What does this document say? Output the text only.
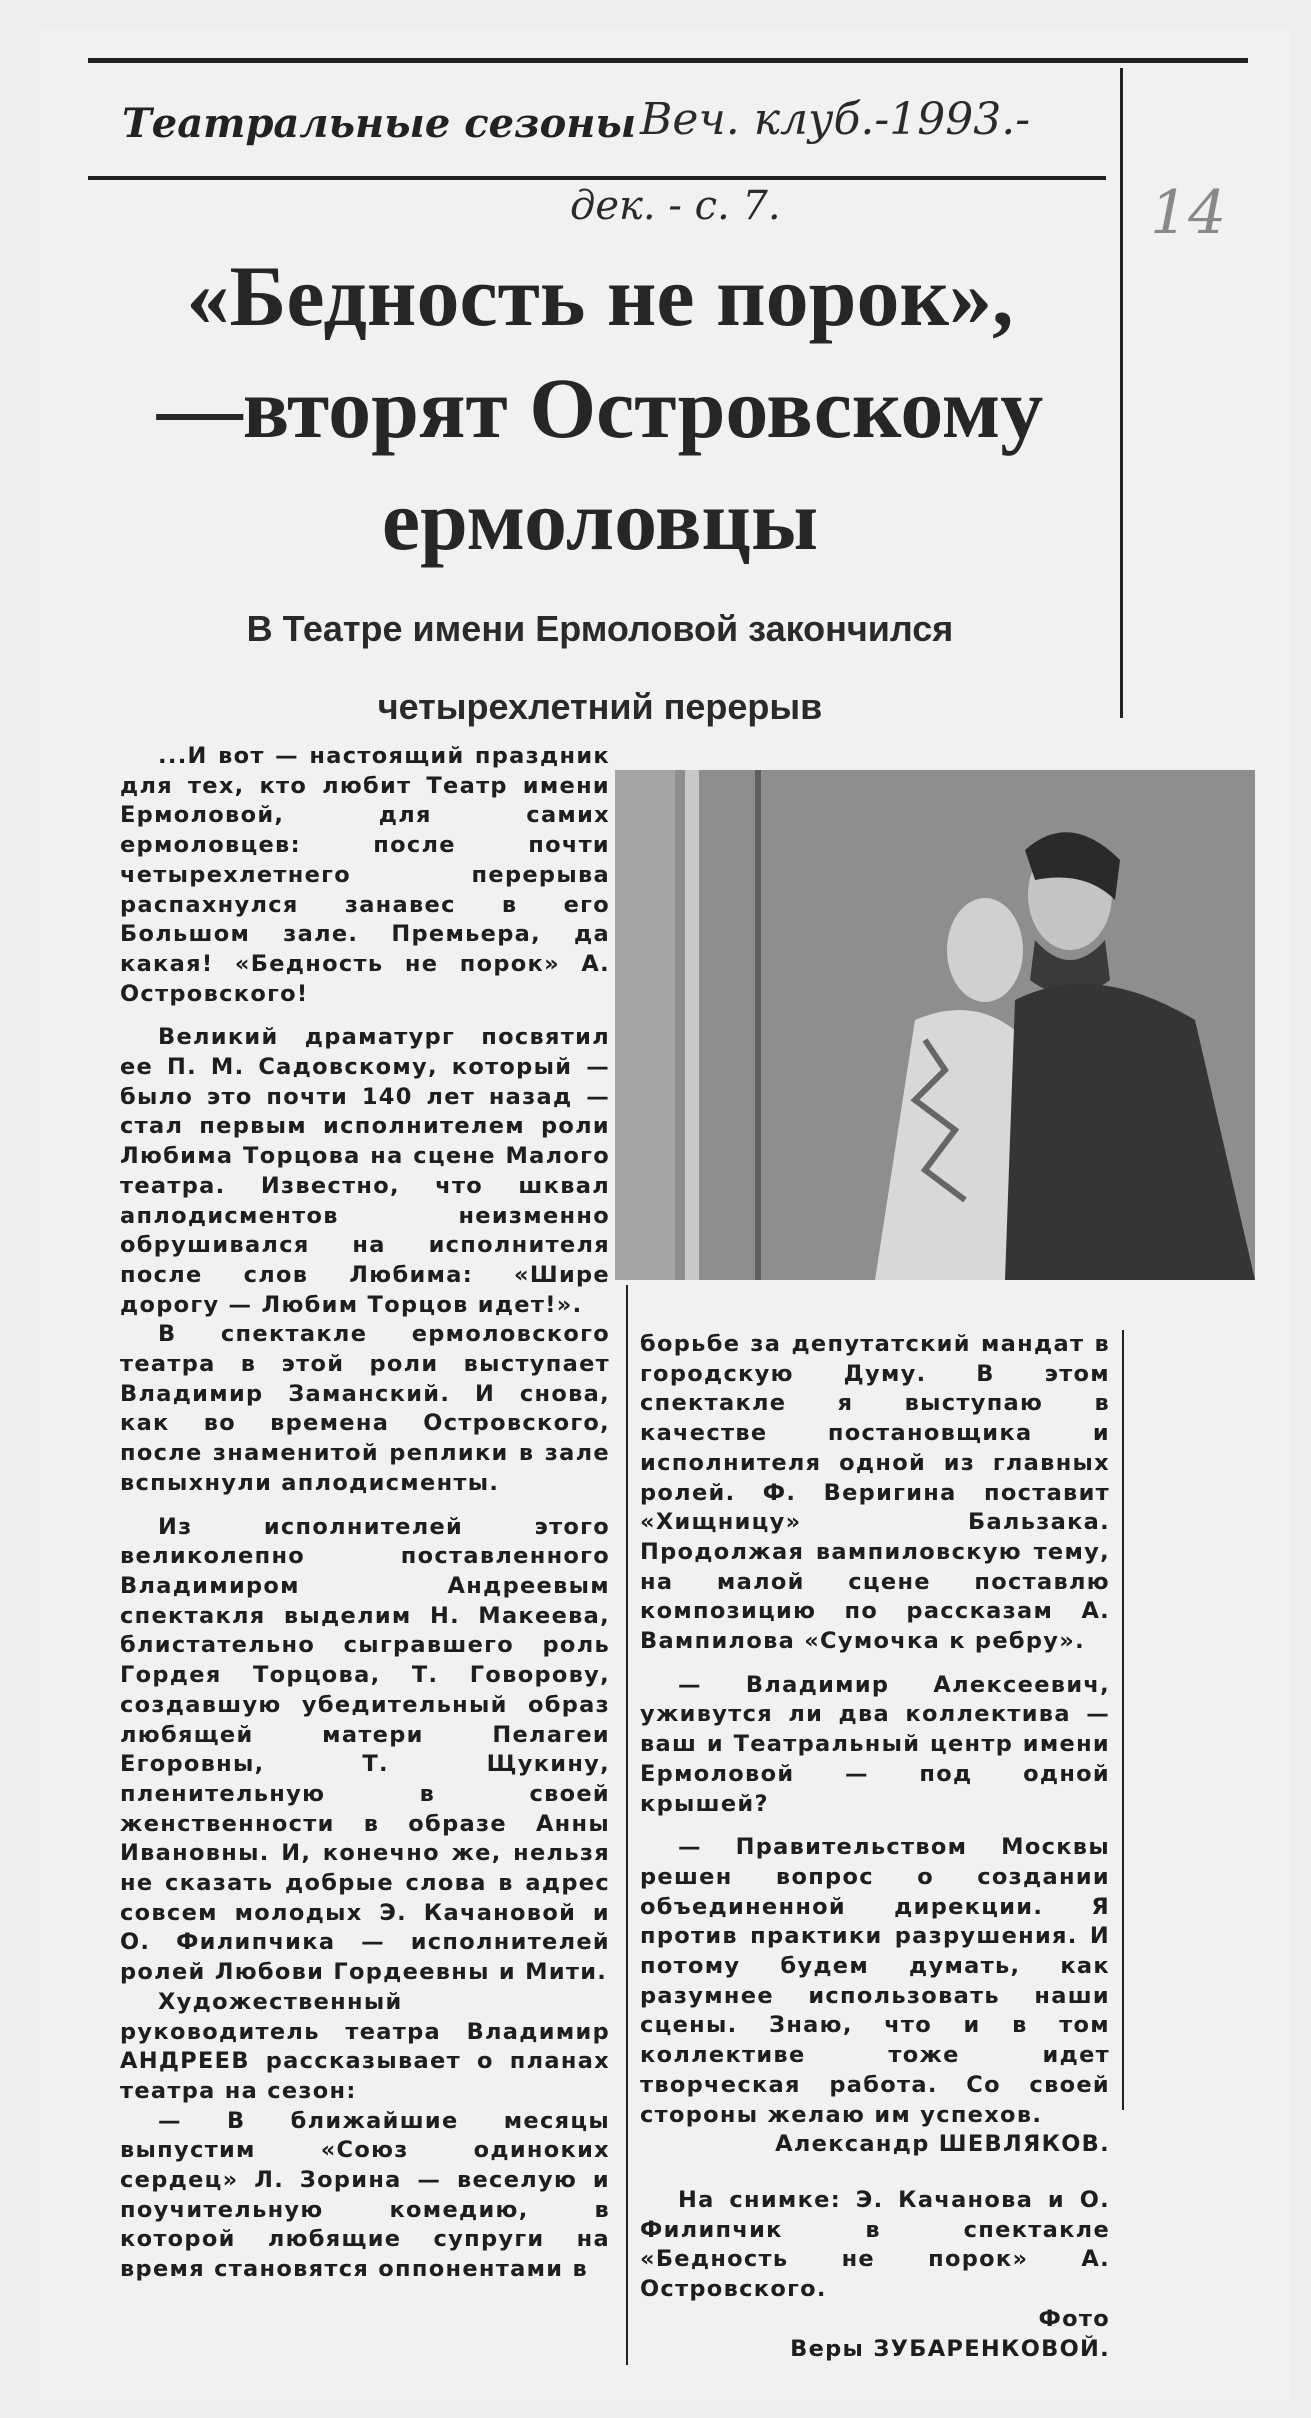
Театральные сезоны Веч. клуб.-1993.-
дек. - с. 7.	14
«Бедность не порок»,
—вторят Островскому
ермоловцы
В Театре имени Ермоловой закончился
четырехлетний перерыв

...И вот — настоящий праздник для тех, кто любит Театр имени Ермоловой, для самих ермоловцев: после почти четырехлетнего перерыва распахнулся занавес в его Большом зале. Премьера, да какая! «Бедность не порок» А. Островского!

Великий драматург посвятил ее П. М. Садовскому, который — было это почти 140 лет назад — стал первым исполнителем роли Любима Торцова на сцене Малого театра. Известно, что шквал аплодисментов неизменно обрушивался на исполнителя после слов Любима: «Шире дорогу — Любим Торцов идет!».

В спектакле ермоловского театра в этой роли выступает Владимир Заманский. И снова, как во времена Островского, после знаменитой реплики в зале вспыхнули аплодисменты.

Из исполнителей этого великолепно поставленного Владимиром Андреевым спектакля выделим Н. Макеева, блистательно сыгравшего роль Гордея Торцова, Т. Говорову, создавшую убедительный образ любящей матери Пелагеи Егоровны, Т. Щукину, пленительную в своей женственности в образе Анны Ивановны. И, конечно же, нельзя не сказать добрые слова в адрес совсем молодых Э. Качановой и О. Филипчика — исполнителей ролей Любови Гордеевны и Мити.

Художественный руководитель театра Владимир АНДРЕЕВ рассказывает о планах театра на сезон:

— В ближайшие месяцы выпустим «Союз одиноких сердец» Л. Зорина — веселую и поучительную комедию, в которой любящие супруги на время становятся оппонентами в

борьбе за депутатский мандат в городскую Думу. В этом спектакле я выступаю в качестве постановщика и исполнителя одной из главных ролей. Ф. Веригина поставит «Хищницу» Бальзака. Продолжая вампиловскую тему, на малой сцене поставлю композицию по рассказам А. Вампилова «Сумочка к ребру».

— Владимир Алексеевич, уживутся ли два коллектива — ваш и Театральный центр имени Ермоловой — под одной крышей?

— Правительством Москвы решен вопрос о создании объединенной дирекции. Я против практики разрушения. И потому будем думать, как разумнее использовать наши сцены. Знаю, что и в том коллективе тоже идет творческая работа. Со своей стороны желаю им успехов.

Александр ШЕВЛЯКОВ.

На снимке: Э. Качанова и О. Филипчик в спектакле «Бедность не порок» А. Островского.

Фото

Веры ЗУБАРЕНКОВОЙ.
